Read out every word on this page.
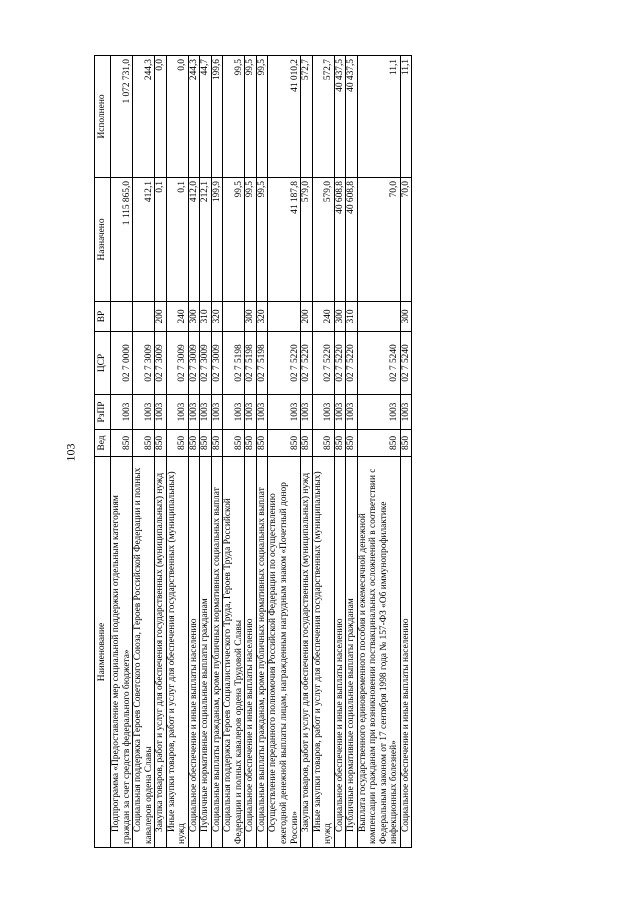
103
Наименование	Вед	РзПР	ЦСР	ВР	Назначено	Исполнено
Подпрограмма «Предоставление мер социальной поддержки отдельным категориям граждан за счет средств федерального бюджета»	850	1003	02 7 0000		1 115 865,0	1 072 731,0
Социальная поддержка Героев Советского Союза, Героев Российской Федерации и полных кавалеров ордена Славы	850	1003	02 7 3009		412,1	244,3
Закупка товаров, работ и услуг для обеспечения государственных (муниципальных) нужд	850	1003	02 7 3009	200	0,1	0,0
Иные закупки товаров, работ и услуг для обеспечения государственных (муниципальных) нужд	850	1003	02 7 3009	240	0,1	0,0
Социальное обеспечение и иные выплаты населению	850	1003	02 7 3009	300	412,0	244,3
Публичные нормативные социальные выплаты гражданам	850	1003	02 7 3009	310	212,1	44,7
Социальные выплаты гражданам, кроме публичных нормативных социальных выплат	850	1003	02 7 3009	320	199,9	199,6
Социальная поддержка Героев Социалистического Труда, Героев Труда Российской Федерации и полных кавалеров ордена Трудовой Славы	850	1003	02 7 5198		99,5	99,5
Социальное обеспечение и иные выплаты населению	850	1003	02 7 5198	300	99,5	99,5
Социальные выплаты гражданам, кроме публичных нормативных социальных выплат	850	1003	02 7 5198	320	99,5	99,5
Осуществление переданного полномочия Российской Федерации по осуществлению ежегодной денежной выплаты лицам, награжденным нагрудным знаком «Почетный донор России»	850	1003	02 7 5220		41 187,8	41 010,2
Закупка товаров, работ и услуг для обеспечения государственных (муниципальных) нужд	850	1003	02 7 5220	200	579,0	572,7
Иные закупки товаров, работ и услуг для обеспечения государственных (муниципальных) нужд	850	1003	02 7 5220	240	579,0	572,7
Социальное обеспечение и иные выплаты населению	850	1003	02 7 5220	300	40 608,8	40 437,5
Публичные нормативные социальные выплаты гражданам	850	1003	02 7 5220	310	40 608,8	40 437,5
Выплата государственного единовременного пособия и ежемесячной денежной компенсации гражданам при возникновении поствакцинальных осложнений в соответствии с Федеральным законом от 17 сентября 1998 года № 157-ФЗ «Об иммунопрофилактике инфекционных болезней»	850	1003	02 7 5240		70,0	11,1
Социальное обеспечение и иные выплаты населению	850	1003	02 7 5240	300	70,0	11,1
